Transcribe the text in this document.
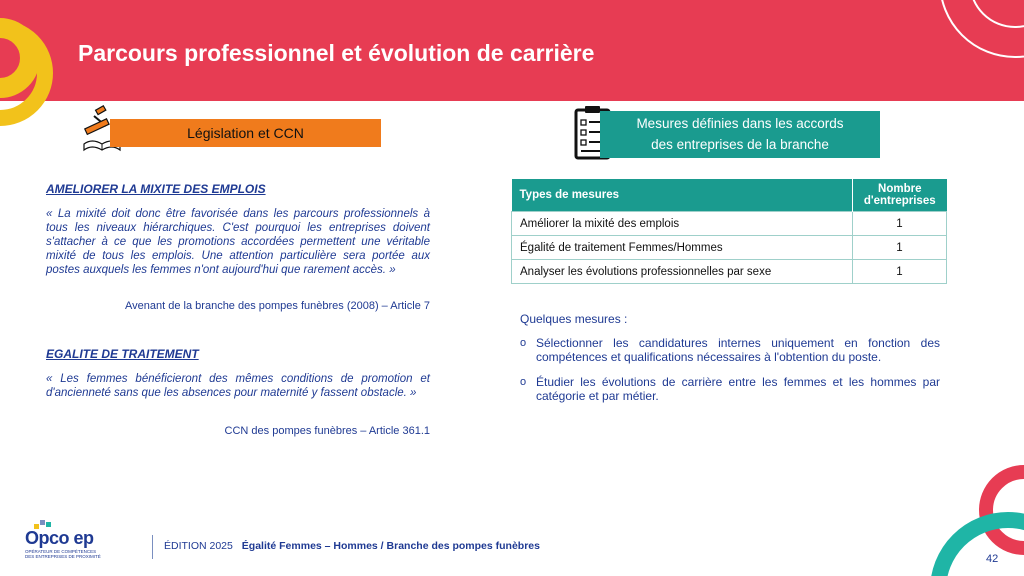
Parcours professionnel et évolution de carrière
Législation et CCN
AMELIORER LA MIXITE DES EMPLOIS
« La mixité doit donc être favorisée dans les parcours professionnels à tous les niveaux hiérarchiques. C'est pourquoi les entreprises doivent s'attacher à ce que les promotions accordées permettent une véritable mixité de tous les emplois. Une attention particulière sera portée aux postes auxquels les femmes n'ont aujourd'hui que rarement accès. »
Avenant de la branche des pompes funèbres (2008) – Article 7
EGALITE DE TRAITEMENT
« Les femmes bénéficieront des mêmes conditions de promotion et d'ancienneté sans que les absences pour maternité y fassent obstacle. »
CCN des pompes funèbres – Article 361.1
Mesures définies dans les accords
des entreprises de la branche
Types de mesures	Nombre d'entreprises
Améliorer la mixité des emplois	1
Égalité de traitement Femmes/Hommes	1
Analyser les évolutions professionnelles par sexe	1
Quelques mesures :
o Sélectionner les candidatures internes uniquement en fonction des compétences et qualifications nécessaires à l'obtention du poste.
o Étudier les évolutions de carrière entre les femmes et les hommes par catégorie et par métier.
Opco ep
OPÉRATEUR DE COMPÉTENCES DES ENTREPRISES DE PROXIMITÉ
ÉDITION 2025 Égalité Femmes – Hommes / Branche des pompes funèbres
42
